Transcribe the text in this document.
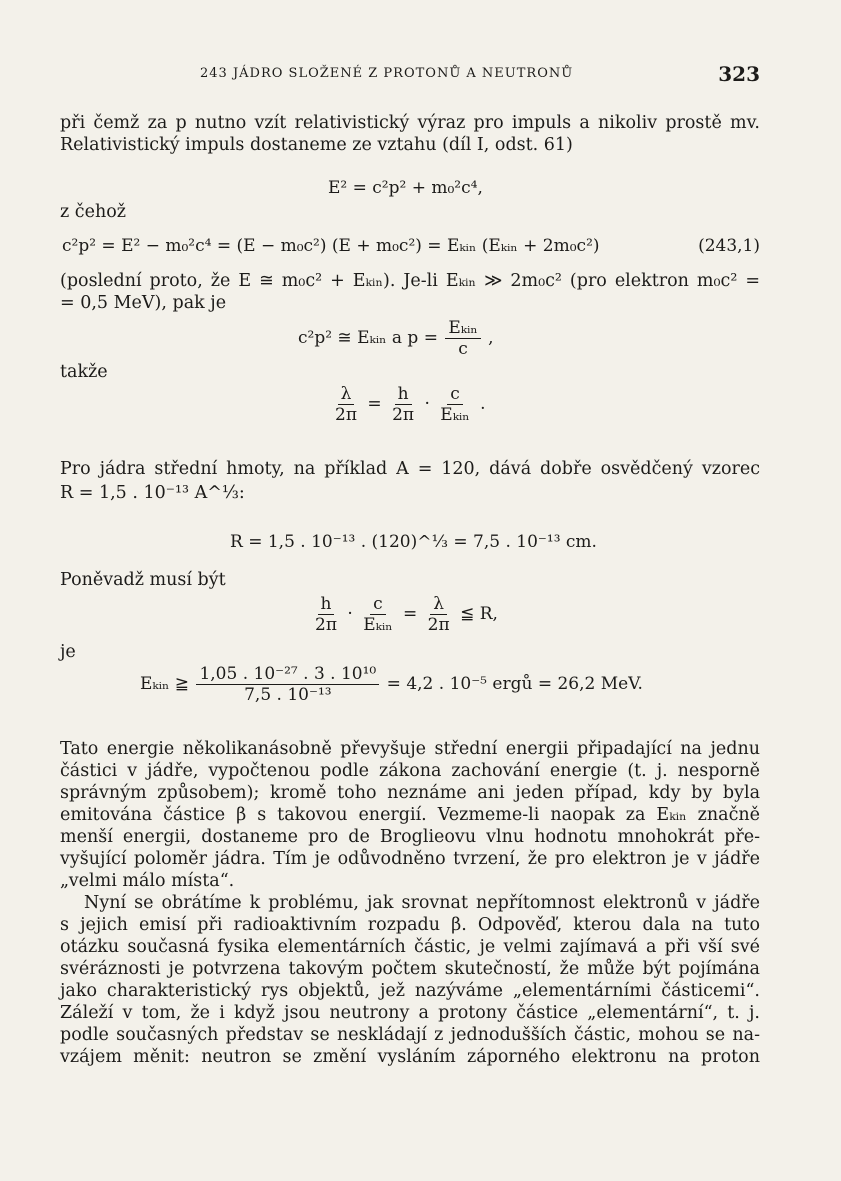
243 JÁDRO SLOŽENÉ Z PROTONŮ A NEUTRONŮ	323
při čemž za p nutno vzít relativistický výraz pro impuls a nikoliv prostě mv.
Relativistický impuls dostaneme ze vztahu (díl I, odst. 61)
E² = c²p² + m₀²c⁴,
z čehož
c²p² = E² − m₀²c⁴ = (E − m₀c²) (E + m₀c²) = Eₖᵢₙ (Eₖᵢₙ + 2m₀c²)	(243,1)
(poslední proto, že E ≅ m₀c² + Eₖᵢₙ). Je-li Eₖᵢₙ ≫ 2m₀c² (pro elektron m₀c² =
= 0,5 MeV), pak je
c²p² ≅ Eₖᵢₙ a $p = \frac{\text{Eₖᵢₙ}}{c}$ ,
takže
$\frac{\lambda}{2\pi} = \frac{h}{2\pi} \cdot \frac{c}{\text{Eₖᵢₙ}}$ .
Pro jádra střední hmoty, na příklad A = 120, dává dobře osvědčený vzorec
R = 1,5 . 10⁻¹³ A^⅓:
R = 1,5 . 10⁻¹³ . (120)^⅓ = 7,5 . 10⁻¹³ cm.
Poněvadž musí být
$\frac{h}{2\pi} \cdot \frac{c}{\text{Eₖᵢₙ}} = \frac{\lambda}{2\pi}$ ≦ R,
je
Eₖᵢₙ ≧ $\frac{\text{1,05 . 10⁻²⁷ . 3 . 10¹⁰}}{\text{7,5 . 10⁻¹³}} = 4,2$ . 10⁻⁵ ergů = 26,2 MeV.
Tato energie několikanásobně převyšuje střední energii připadající na jednu
částici v jádře, vypočtenou podle zákona zachování energie (t. j. nesporně
správným způsobem); kromě toho neznáme ani jeden případ, kdy by byla
emitována částice β s takovou energií. Vezmeme-li naopak za Eₖᵢₙ značně
menší energii, dostaneme pro de Broglieovu vlnu hodnotu mnohokrát pře-
vyšující poloměr jádra. Tím je odůvodněno tvrzení, že pro elektron je v jádře
„velmi málo místa“.
Nyní se obrátíme k problému, jak srovnat nepřítomnost elektronů v jádře
s jejich emisí při radioaktivním rozpadu β. Odpověď, kterou dala na tuto
otázku současná fysika elementárních částic, je velmi zajímavá a při vší své
svéráznosti je potvrzena takovým počtem skutečností, že může být pojímána
jako charakteristický rys objektů, jež nazýváme „elementárními částicemi“.
Záleží v tom, že i když jsou neutrony a protony částice „elementární“, t. j.
podle současných představ se neskládají z jednodušších částic, mohou se na-
vzájem měnit: neutron se změní vysláním záporného elektronu na proton
